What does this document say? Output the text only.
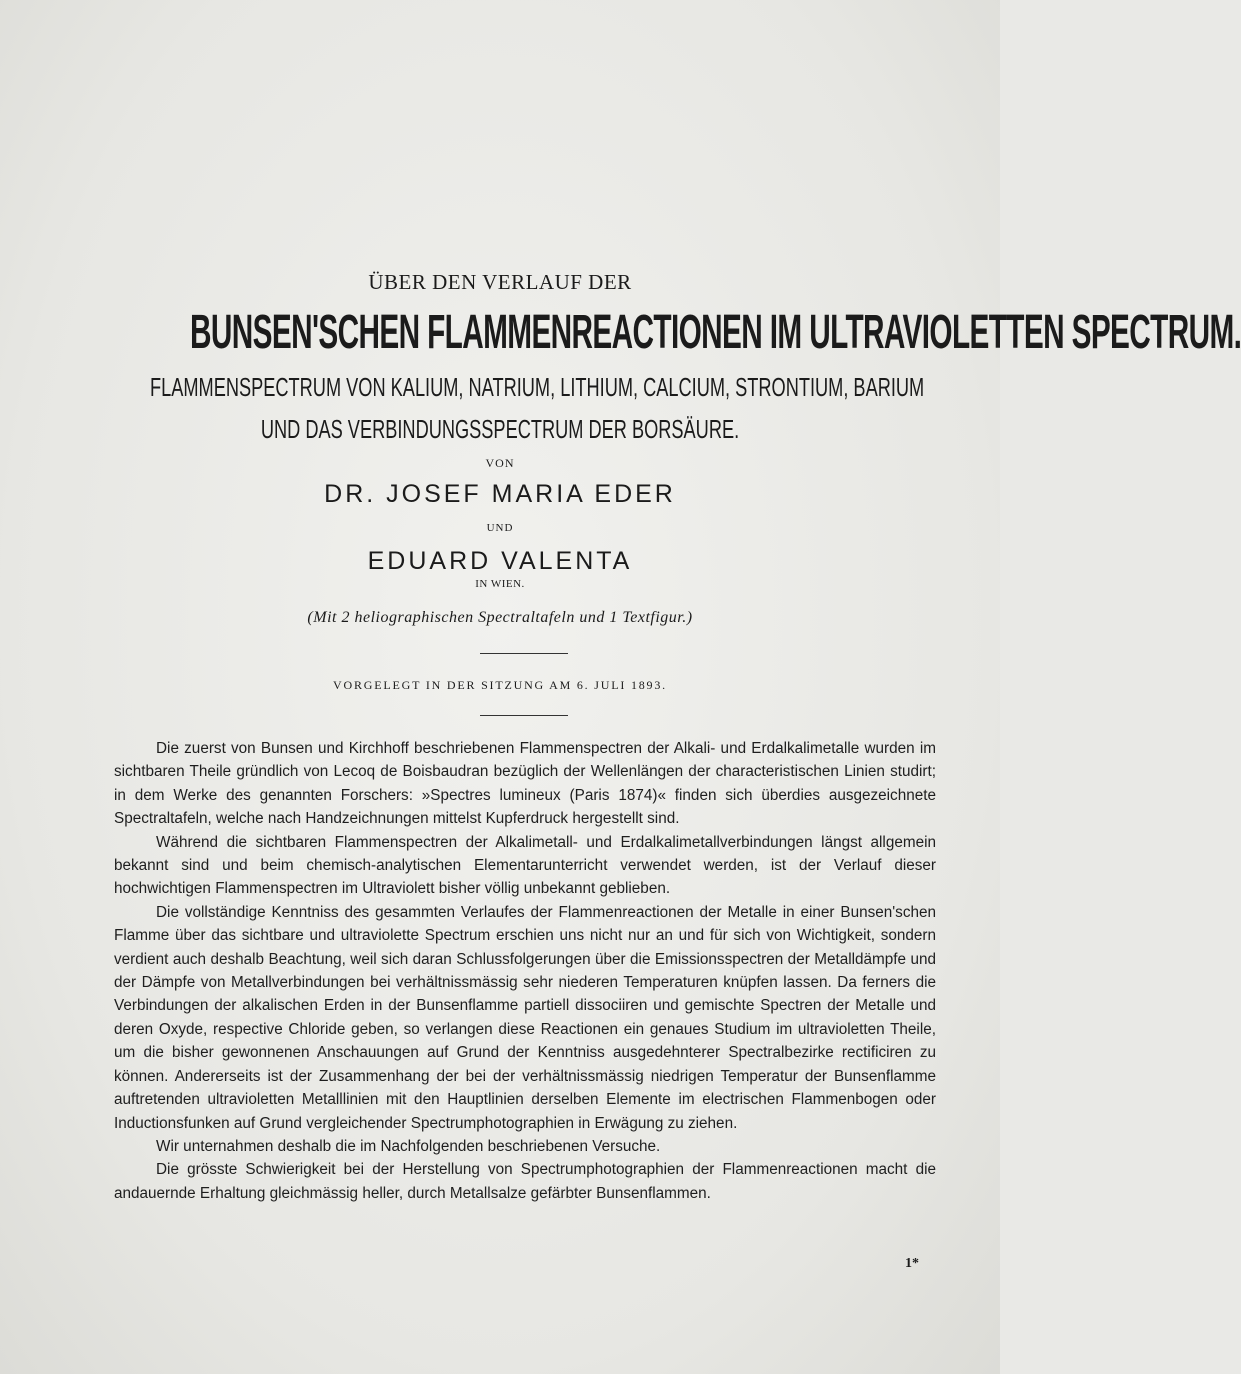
ÜBER DEN VERLAUF DER
BUNSEN'SCHEN FLAMMENREACTIONEN IM ULTRAVIOLETTEN SPECTRUM.
FLAMMENSPECTRUM VON KALIUM, NATRIUM, LITHIUM, CALCIUM, STRONTIUM, BARIUM
UND DAS VERBINDUNGSSPECTRUM DER BORSÄURE.
VON
DR. JOSEF MARIA EDER
UND
EDUARD VALENTA
IN WIEN.
(Mit 2 heliographischen Spectraltafeln und 1 Textfigur.)
VORGELEGT IN DER SITZUNG AM 6. JULI 1893.

Die zuerst von Bunsen und Kirchhoff beschriebenen Flammenspectren der Alkali- und Erdalkalimetalle wurden im sichtbaren Theile gründlich von Lecoq de Boisbaudran bezüglich der Wellenlängen der characteristischen Linien studirt; in dem Werke des genannten Forschers: »Spectres lumineux (Paris 1874)« finden sich überdies ausgezeichnete Spectraltafeln, welche nach Handzeichnungen mittelst Kupferdruck hergestellt sind.

Während die sichtbaren Flammenspectren der Alkalimetall- und Erdalkalimetallverbindungen längst allgemein bekannt sind und beim chemisch-analytischen Elementarunterricht verwendet werden, ist der Verlauf dieser hochwichtigen Flammenspectren im Ultraviolett bisher völlig unbekannt geblieben.

Die vollständige Kenntniss des gesammten Verlaufes der Flammenreactionen der Metalle in einer Bunsen'schen Flamme über das sichtbare und ultraviolette Spectrum erschien uns nicht nur an und für sich von Wichtigkeit, sondern verdient auch deshalb Beachtung, weil sich daran Schlussfolgerungen über die Emissionsspectren der Metalldämpfe und der Dämpfe von Metallverbindungen bei verhältnissmässig sehr niederen Temperaturen knüpfen lassen. Da ferners die Verbindungen der alkalischen Erden in der Bunsenflamme partiell dissociiren und gemischte Spectren der Metalle und deren Oxyde, respective Chloride geben, so verlangen diese Reactionen ein genaues Studium im ultravioletten Theile, um die bisher gewonnenen Anschauungen auf Grund der Kenntniss ausgedehnterer Spectralbezirke rectificiren zu können. Andererseits ist der Zusammenhang der bei der verhältnissmässig niedrigen Temperatur der Bunsenflamme auftretenden ultravioletten Metalllinien mit den Hauptlinien derselben Elemente im electrischen Flammenbogen oder Inductionsfunken auf Grund vergleichender Spectrumphotographien in Erwägung zu ziehen.

Wir unternahmen deshalb die im Nachfolgenden beschriebenen Versuche.

Die grösste Schwierigkeit bei der Herstellung von Spectrumphotographien der Flammenreactionen macht die andauernde Erhaltung gleichmässig heller, durch Metallsalze gefärbter Bunsenflammen.

1*
